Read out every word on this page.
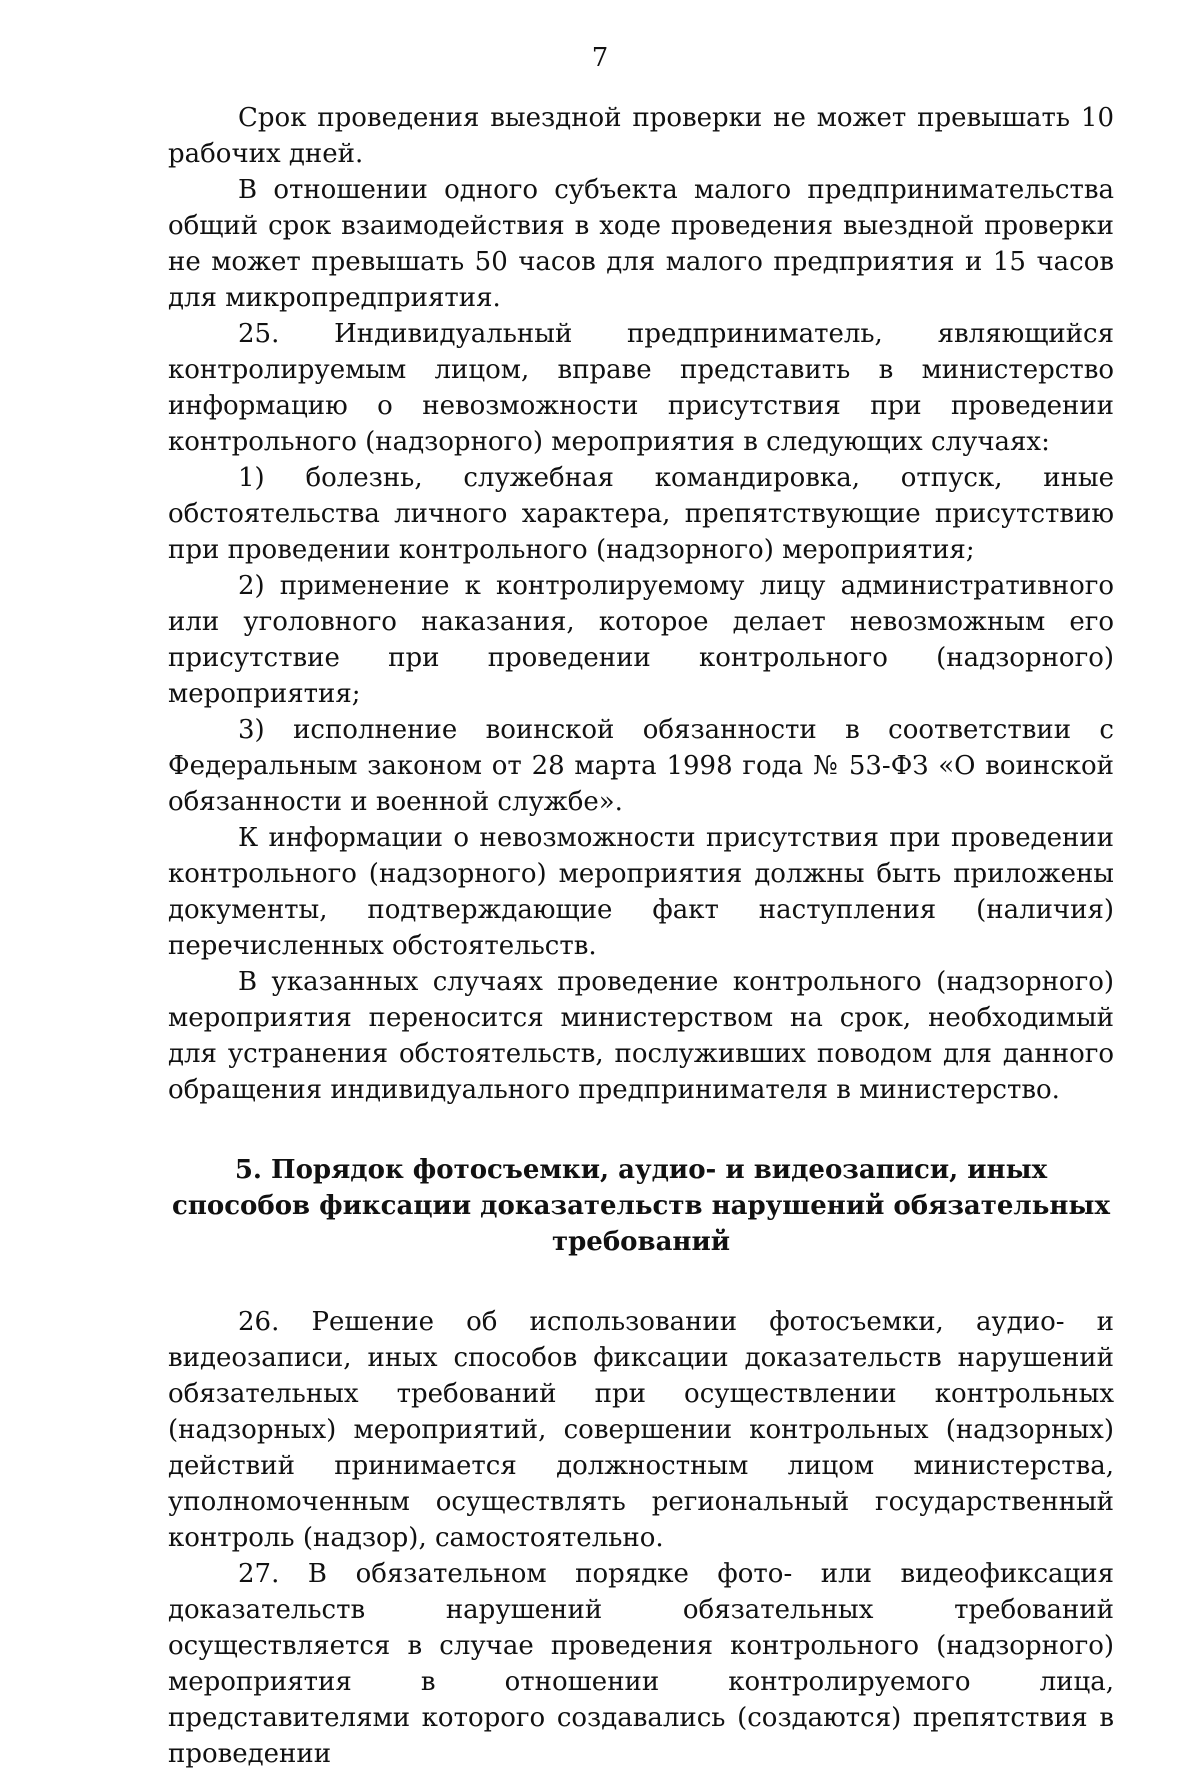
7

Срок проведения выездной проверки не может превышать 10 рабочих дней.

В отношении одного субъекта малого предпринимательства общий срок взаимодействия в ходе проведения выездной проверки не может превышать 50 часов для малого предприятия и 15 часов для микропредприятия.

25. Индивидуальный предприниматель, являющийся контролируемым лицом, вправе представить в министерство информацию о невозможности присутствия при проведении контрольного (надзорного) мероприятия в следующих случаях:

1) болезнь, служебная командировка, отпуск, иные обстоятельства личного характера, препятствующие присутствию при проведении контрольного (надзорного) мероприятия;

2) применение к контролируемому лицу административного или уголовного наказания, которое делает невозможным его присутствие при проведении контрольного (надзорного) мероприятия;

3) исполнение воинской обязанности в соответствии с Федеральным законом от 28 марта 1998 года № 53-ФЗ «О воинской обязанности и военной службе».

К информации о невозможности присутствия при проведении контрольного (надзорного) мероприятия должны быть приложены документы, подтверждающие факт наступления (наличия) перечисленных обстоятельств.

В указанных случаях проведение контрольного (надзорного) мероприятия переносится министерством на срок, необходимый для устранения обстоятельств, послуживших поводом для данного обращения индивидуального предпринимателя в министерство.

5. Порядок фотосъемки, аудио- и видеозаписи, иных способов фиксации доказательств нарушений обязательных требований

26. Решение об использовании фотосъемки, аудио- и видеозаписи, иных способов фиксации доказательств нарушений обязательных требований при осуществлении контрольных (надзорных) мероприятий, совершении контрольных (надзорных) действий принимается должностным лицом министерства, уполномоченным осуществлять региональный государственный контроль (надзор), самостоятельно.

27. В обязательном порядке фото- или видеофиксация доказательств нарушений обязательных требований осуществляется в случае проведения контрольного (надзорного) мероприятия в отношении контролируемого лица, представителями которого создавались (создаются) препятствия в проведении
